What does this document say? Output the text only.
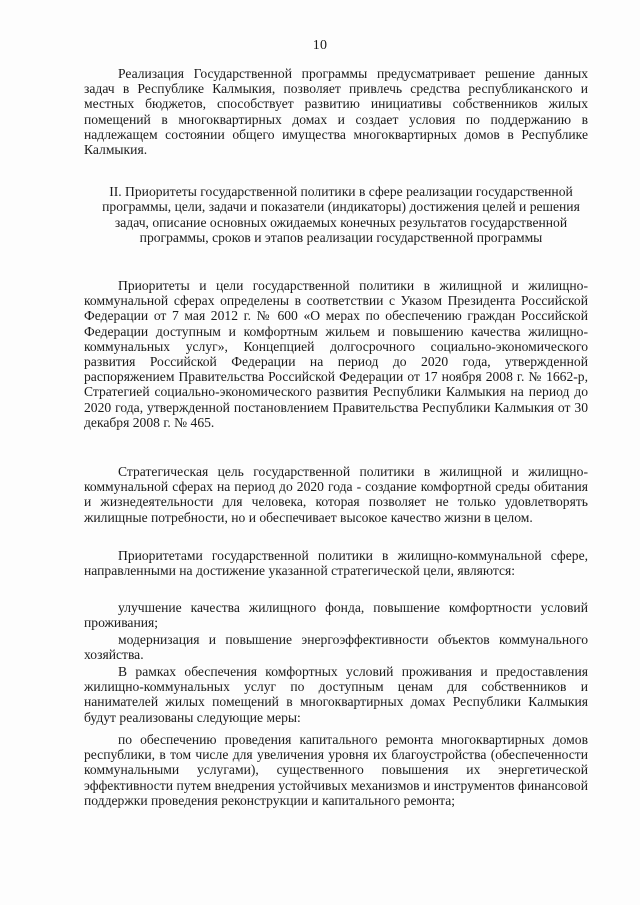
10
Реализация Государственной программы предусматривает решение данных задач в Республике Калмыкия, позволяет привлечь средства республиканского и местных бюджетов, способствует развитию инициативы собственников жилых помещений в многоквартирных домах и создает условия по поддержанию в надлежащем состоянии общего имущества многоквартирных домов в Республике Калмыкия.
II. Приоритеты государственной политики в сфере реализации государственной программы, цели, задачи и показатели (индикаторы) достижения целей и решения задач, описание основных ожидаемых конечных результатов государственной программы, сроков и этапов реализации государственной программы
Приоритеты и цели государственной политики в жилищной и жилищно-коммунальной сферах определены в соответствии с Указом Президента Российской Федерации от 7 мая 2012 г. № 600 «О мерах по обеспечению граждан Российской Федерации доступным и комфортным жильем и повышению качества жилищно-коммунальных услуг», Концепцией долгосрочного социально-экономического развития Российской Федерации на период до 2020 года, утвержденной распоряжением Правительства Российской Федерации от 17 ноября 2008 г. № 1662-р, Стратегией социально-экономического развития Республики Калмыкия на период до 2020 года, утвержденной постановлением Правительства Республики Калмыкия от 30 декабря 2008 г. № 465.
Стратегическая цель государственной политики в жилищной и жилищно-коммунальной сферах на период до 2020 года - создание комфортной среды обитания и жизнедеятельности для человека, которая позволяет не только удовлетворять жилищные потребности, но и обеспечивает высокое качество жизни в целом.
Приоритетами государственной политики в жилищно-коммунальной сфере, направленными на достижение указанной стратегической цели, являются:
улучшение качества жилищного фонда, повышение комфортности условий проживания;
модернизация и повышение энергоэффективности объектов коммунального хозяйства.
В рамках обеспечения комфортных условий проживания и предоставления жилищно-коммунальных услуг по доступным ценам для собственников и нанимателей жилых помещений в многоквартирных домах Республики Калмыкия будут реализованы следующие меры:
по обеспечению проведения капитального ремонта многоквартирных домов республики, в том числе для увеличения уровня их благоустройства (обеспеченности коммунальными услугами), существенного повышения их энергетической эффективности путем внедрения устойчивых механизмов и инструментов финансовой поддержки проведения реконструкции и капитального ремонта;
